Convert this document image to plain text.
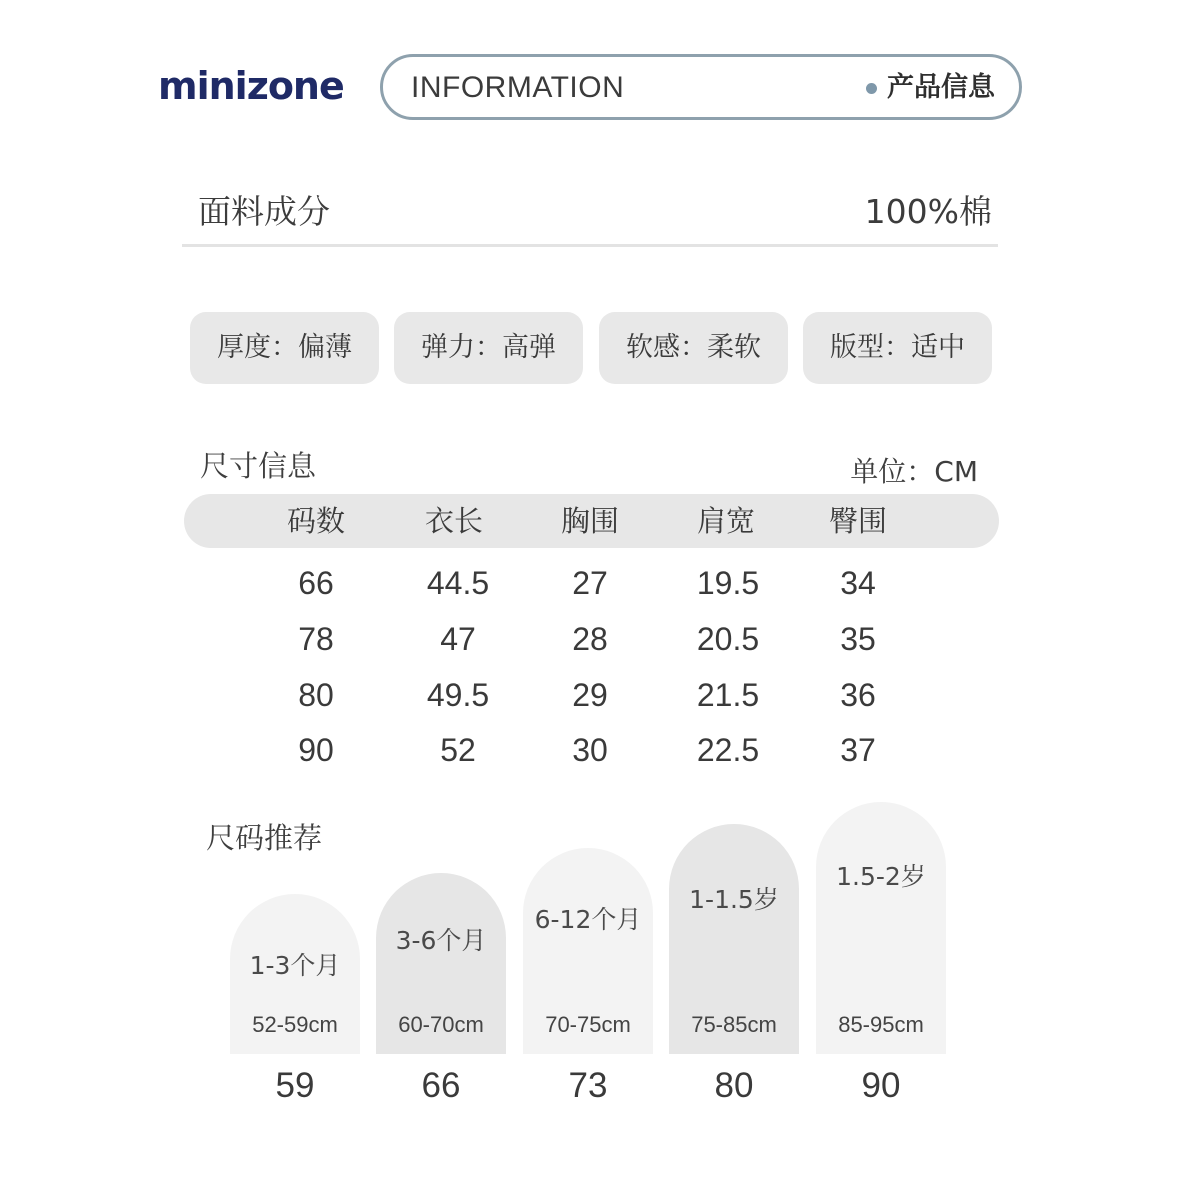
minizone INFORMATION	产品信息
面料成分	100%棉
厚度：偏薄	弹力：高弹	软感：柔软	版型：适中
尺寸信息	单位：CM
码数	衣长	胸围	肩宽	臀围
66	44.5	27	19.5	34
78	47	28	20.5	35
80	49.5	29	21.5	36
90	52	30	22.5	37
尺码推荐
1-3个月
52-59cm
59
3-6个月
60-70cm
66
6-12个月
70-75cm
73
1-1.5岁
75-85cm
80
1.5-2岁
85-95cm
90
